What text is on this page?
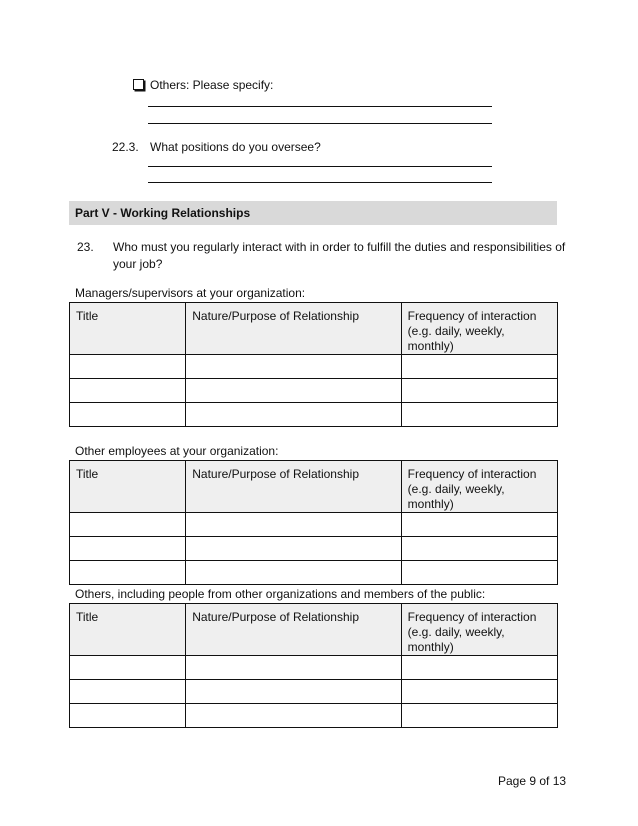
Others: Please specify:
22.3. What positions do you oversee?
Part V - Working Relationships
23. Who must you regularly interact with in order to fulfill the duties and responsibilities of
your job?
Managers/supervisors at your organization:
Title	Nature/Purpose of Relationship	Frequency of interaction
(e.g. daily, weekly, monthly)

Other employees at your organization:
Title	Nature/Purpose of Relationship	Frequency of interaction
(e.g. daily, weekly, monthly)

Others, including people from other organizations and members of the public:
Title	Nature/Purpose of Relationship	Frequency of interaction
(e.g. daily, weekly, monthly)

Page 9 of 13
